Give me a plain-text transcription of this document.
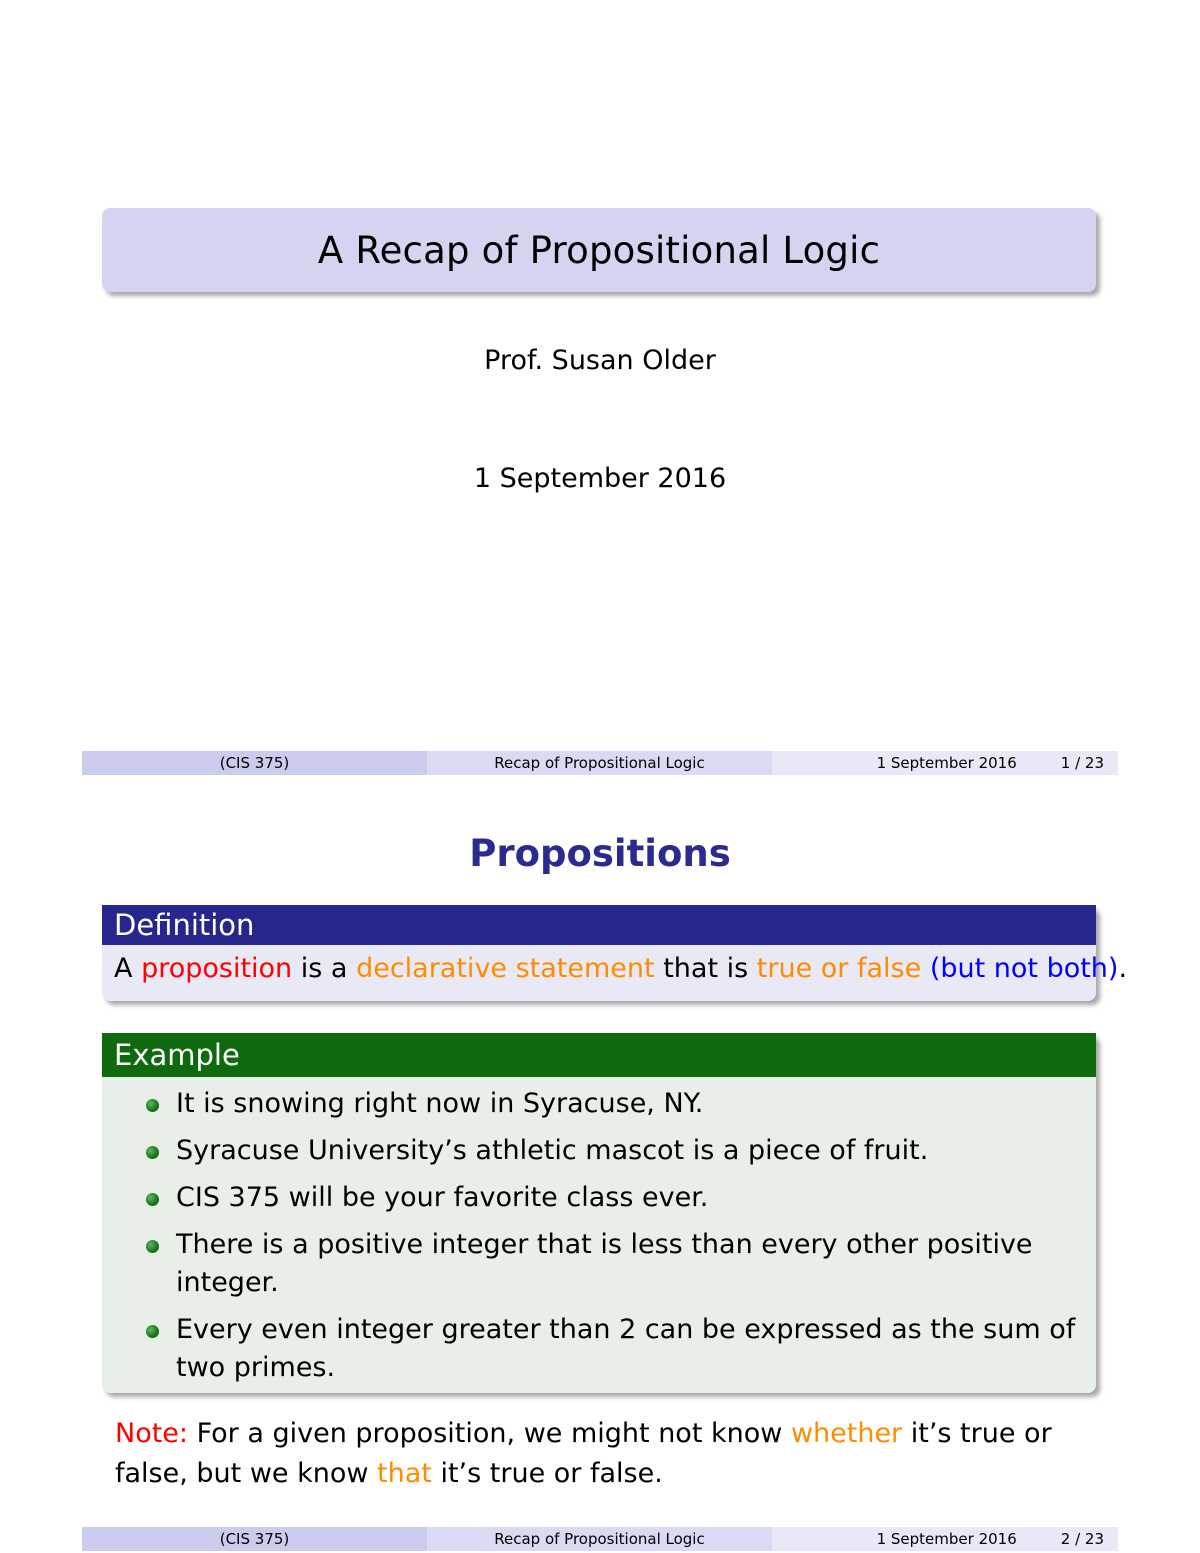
A Recap of Propositional Logic
Prof. Susan Older
1 September 2016
(CIS 375)	Recap of Propositional Logic	1 September 2016	1 / 23
Propositions
Definition
A proposition is a declarative statement that is true or false (but not both).
Example
It is snowing right now in Syracuse, NY.
Syracuse University’s athletic mascot is a piece of fruit.
CIS 375 will be your favorite class ever.
There is a positive integer that is less than every other positive integer.
Every even integer greater than 2 can be expressed as the sum of two primes.
Note: For a given proposition, we might not know whether it’s true or false, but we know that it’s true or false.
(CIS 375)	Recap of Propositional Logic	1 September 2016	2 / 23
